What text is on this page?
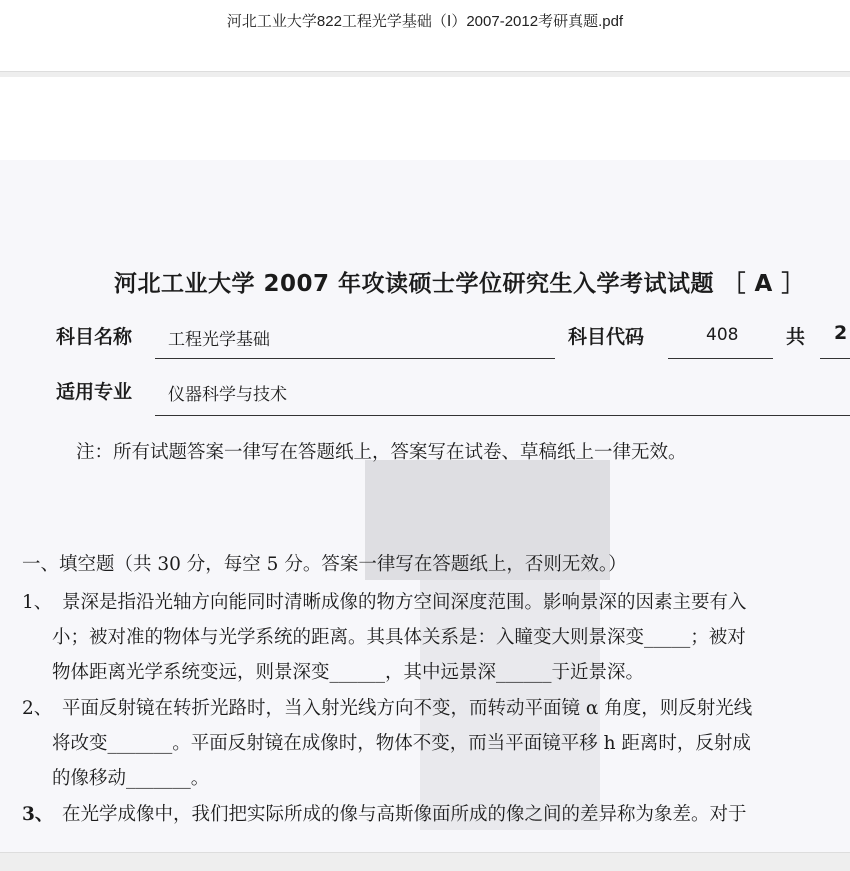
河北工业大学822工程光学基础（Ⅰ）2007-2012考研真题.pdf
河北工业大学 2007 年攻读硕士学位研究生入学考试试题 ［ A ］
科目名称 工程光学基础	科目代码	408	共 2
适用专业 仪器科学与技术
注：所有试题答案一律写在答题纸上，答案写在试卷、草稿纸上一律无效。
一、填空题（共 30 分，每空 5 分。答案一律写在答题纸上，否则无效。）
1、 景深是指沿光轴方向能同时清晰成像的物方空间深度范围。影响景深的因素主要有入
小；被对准的物体与光学系统的距离。其具体关系是：入瞳变大则景深变_____；被对
物体距离光学系统变远，则景深变______，其中远景深______于近景深。
2、 平面反射镜在转折光路时，当入射光线方向不变，而转动平面镜 α 角度，则反射光线
将改变_______。平面反射镜在成像时，物体不变，而当平面镜平移 h 距离时，反射成
的像移动_______。
3、 在光学成像中，我们把实际所成的像与高斯像面所成的像之间的差异称为象差。对于
